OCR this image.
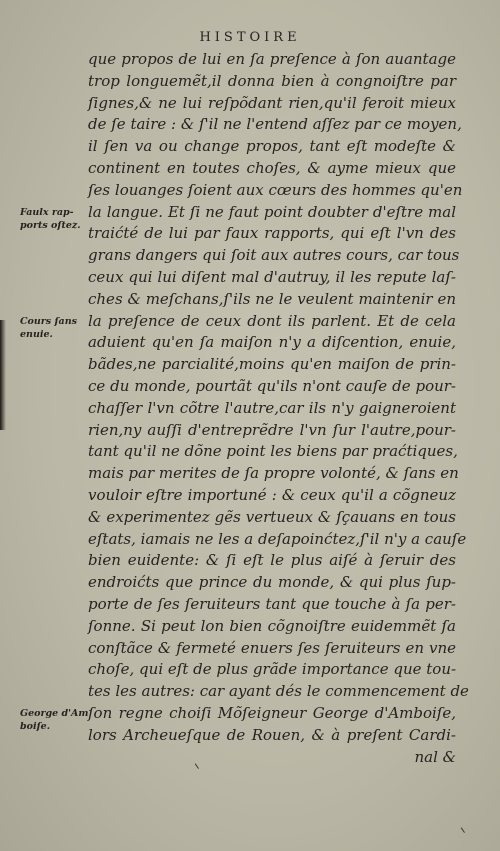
HISTOIRE
que propos de lui en ſa preſence à ſon auantage
trop longuemẽt,il donna bien à congnoiſtre par
ſignes,& ne lui reſpõdant rien,qu'il feroit mieux
de ſe taire : & ſ'il ne l'entend aſſez par ce moyen,
il ſen va ou change propos, tant eſt modeſte &
continent en toutes choſes, & ayme mieux que
ſes louanges ſoient aux cœurs des hommes qu'en
la langue. Et ſi ne faut point doubter d'eſtre mal
traićté de lui par faux rapports, qui eſt l'vn des
grans dangers qui ſoit aux autres cours, car tous
ceux qui lui diſent mal d'autruy, il les repute laſ-
ches & meſchans,ſ'ils ne le veulent maintenir en
la preſence de ceux dont ils parlent. Et de cela
aduient qu'en ſa maiſon n'y a diſcention, enuie,
bãdes,ne parcialité,moins qu'en maiſon de prin-
ce du monde, pourtãt qu'ils n'ont cauſe de pour-
chaſſer l'vn cõtre l'autre,car ils n'y gaigneroient
rien,ny auſſi d'entreprẽdre l'vn ſur l'autre,pour-
tant qu'il ne dõne point les biens par praćtiques,
mais par merites de ſa propre volonté, & ſans en
vouloir eſtre importuné : & ceux qu'il a cõgneuz
& experimentez gẽs vertueux & ſçauans en tous
eſtats, iamais ne les a deſapoinćtez,ſ'il n'y a cauſe
bien euidente: & ſi eſt le plus aiſé à ſeruir des
endroićts que prince du monde, & qui plus ſup-
porte de ſes ſeruiteurs tant que touche à ſa per-
ſonne. Si peut lon bien cõgnoiſtre euidemmẽt ſa
conſtãce & fermeté enuers ſes ſeruiteurs en vne
choſe, qui eſt de plus grãde importance que tou-
tes les autres: car ayant dés le commencement de
ſon regne choiſi Mõſeigneur George d'Amboiſe,
lors Archeueſque de Rouen, & à preſent Cardi-
nal &
Faulx rap-
ports oſtez.
Cours ſans
enuie.
George d'Am
boiſe.
